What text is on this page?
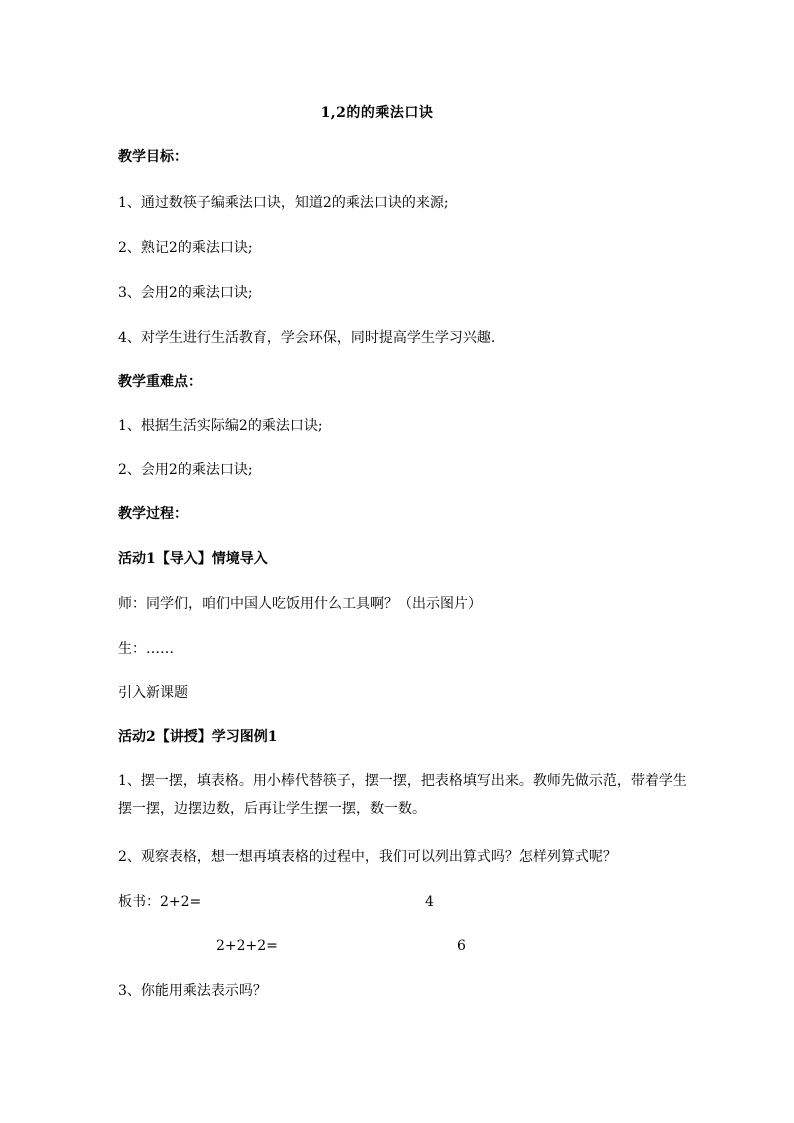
1,2的的乘法口诀
教学目标：
1、通过数筷子编乘法口诀，知道2的乘法口诀的来源;
2、熟记2的乘法口诀;
3、会用2的乘法口诀;
4、对学生进行生活教育，学会环保，同时提高学生学习兴趣.
教学重难点：
1、根据生活实际编2的乘法口诀;
2、会用2的乘法口诀;
教学过程：
活动1【导入】情境导入
师：同学们，咱们中国人吃饭用什么工具啊？（出示图片）
生：……
引入新课题
活动2【讲授】学习图例1
1、摆一摆，填表格。用小棒代替筷子，摆一摆，把表格填写出来。教师先做示范，带着学生摆一摆，边摆边数，后再让学生摆一摆，数一数。
2、观察表格，想一想再填表格的过程中，我们可以列出算式吗？怎样列算式呢？
板书：2+2=	4
2+2+2=	6
3、你能用乘法表示吗？
